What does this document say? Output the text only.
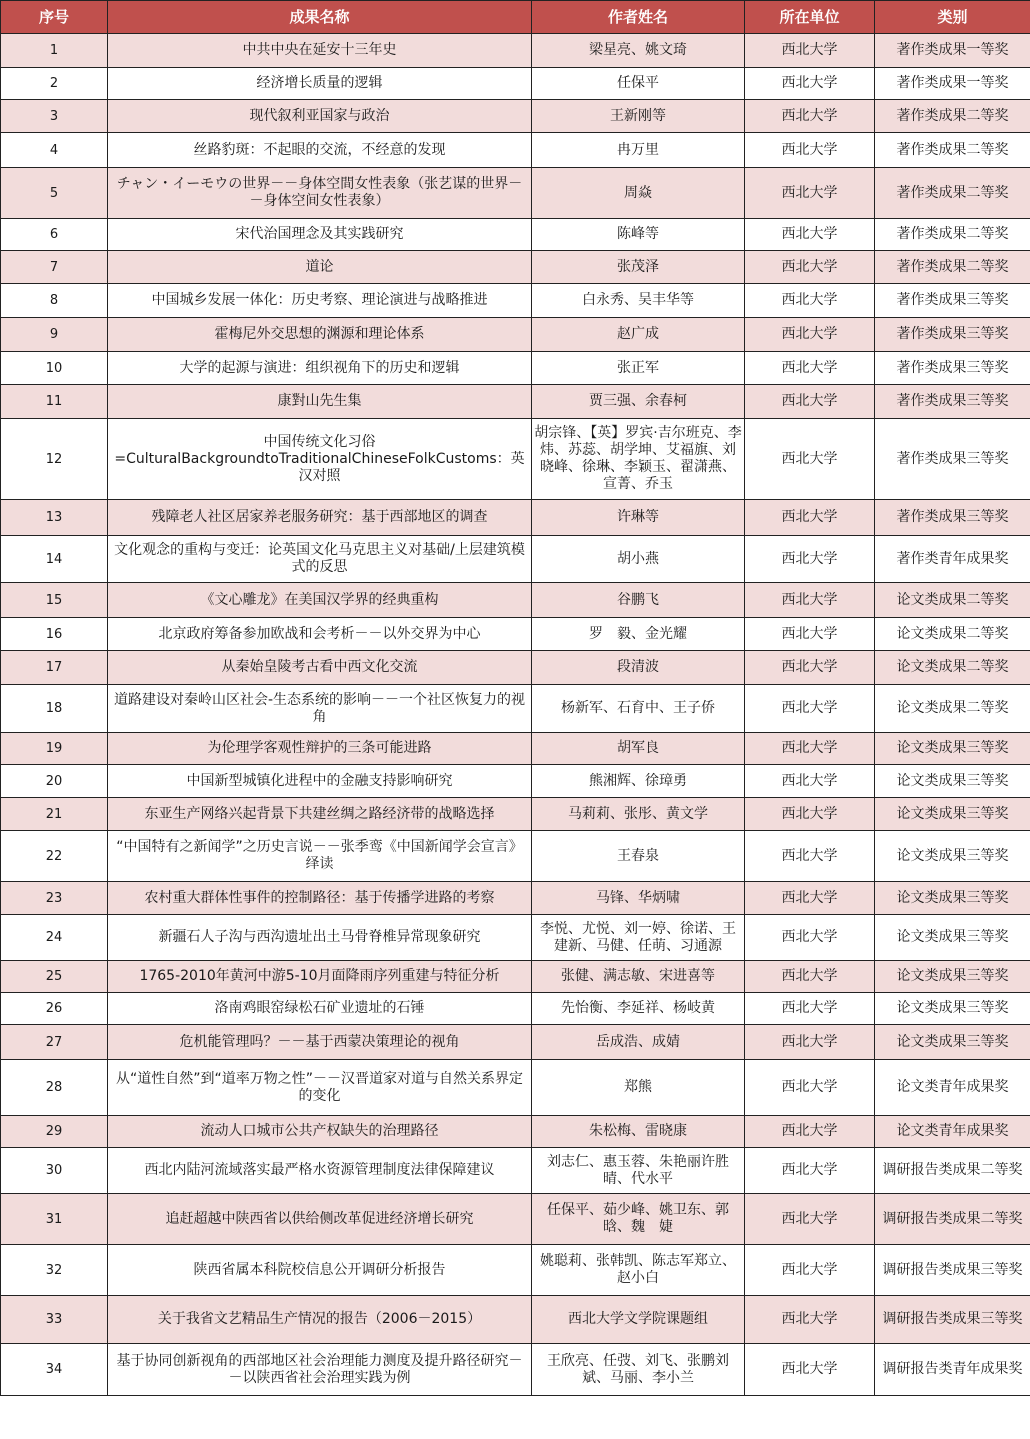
序号	成果名称	作者姓名	所在单位	类别
1	中共中央在延安十三年史	梁星亮、姚文琦	西北大学	著作类成果一等奖
2	经济增长质量的逻辑	任保平	西北大学	著作类成果一等奖
3	现代叙利亚国家与政治	王新刚等	西北大学	著作类成果二等奖
4	丝路豹斑：不起眼的交流，不经意的发现	冉万里	西北大学	著作类成果二等奖
5	チャン・イーモウの世界－－身体空間女性表象（张艺谋的世界－－身体空间女性表象）	周焱	西北大学	著作类成果二等奖
6	宋代治国理念及其实践研究	陈峰等	西北大学	著作类成果二等奖
7	道论	张茂泽	西北大学	著作类成果二等奖
8	中国城乡发展一体化：历史考察、理论演进与战略推进	白永秀、吴丰华等	西北大学	著作类成果三等奖
9	霍梅尼外交思想的渊源和理论体系	赵广成	西北大学	著作类成果三等奖
10	大学的起源与演进：组织视角下的历史和逻辑	张正军	西北大学	著作类成果三等奖
11	康對山先生集	贾三强、余春柯	西北大学	著作类成果三等奖
12	中国传统文化习俗=CulturalBackgroundtoTraditionalChineseFolkCustoms：英汉对照	胡宗锋、【英】罗宾·吉尔班克、李炜、苏蕊、胡学坤、艾福旗、刘晓峰、徐琳、李颖玉、翟潇燕、宣菁、乔玉	西北大学	著作类成果三等奖
13	残障老人社区居家养老服务研究：基于西部地区的调查	许琳等	西北大学	著作类成果三等奖
14	文化观念的重构与变迁：论英国文化马克思主义对基础/上层建筑模式的反思	胡小燕	西北大学	著作类青年成果奖
15	《文心雕龙》在美国汉学界的经典重构	谷鹏飞	西北大学	论文类成果二等奖
16	北京政府筹备参加欧战和会考析－－以外交界为中心	罗　毅、金光耀	西北大学	论文类成果二等奖
17	从秦始皇陵考古看中西文化交流	段清波	西北大学	论文类成果二等奖
18	道路建设对秦岭山区社会-生态系统的影响－－一个社区恢复力的视角	杨新军、石育中、王子侨	西北大学	论文类成果二等奖
19	为伦理学客观性辩护的三条可能进路	胡军良	西北大学	论文类成果三等奖
20	中国新型城镇化进程中的金融支持影响研究	熊湘辉、徐璋勇	西北大学	论文类成果三等奖
21	东亚生产网络兴起背景下共建丝绸之路经济带的战略选择	马莉莉、张彤、黄文学	西北大学	论文类成果三等奖
22	“中国特有之新闻学”之历史言说－－张季鸾《中国新闻学会宣言》绎读	王春泉	西北大学	论文类成果三等奖
23	农村重大群体性事件的控制路径：基于传播学进路的考察	马锋、华炳啸	西北大学	论文类成果三等奖
24	新疆石人子沟与西沟遗址出土马骨脊椎异常现象研究	李悦、尤悦、刘一婷、徐诺、王建新、马健、任萌、习通源	西北大学	论文类成果三等奖
25	1765-2010年黄河中游5-10月面降雨序列重建与特征分析	张健、满志敏、宋进喜等	西北大学	论文类成果三等奖
26	洛南鸡眼窑绿松石矿业遗址的石锤	先怡衡、李延祥、杨岐黄	西北大学	论文类成果三等奖
27	危机能管理吗？－－基于西蒙决策理论的视角	岳成浩、成婧	西北大学	论文类成果三等奖
28	从“道性自然”到“道率万物之性”－－汉晋道家对道与自然关系界定的变化	郑熊	西北大学	论文类青年成果奖
29	流动人口城市公共产权缺失的治理路径	朱松梅、雷晓康	西北大学	论文类青年成果奖
30	西北内陆河流域落实最严格水资源管理制度法律保障建议	刘志仁、惠玉蓉、朱艳丽许胜晴、代水平	西北大学	调研报告类成果二等奖
31	追赶超越中陕西省以供给侧改革促进经济增长研究	任保平、茹少峰、姚卫东、郭晗、魏　婕	西北大学	调研报告类成果二等奖
32	陕西省属本科院校信息公开调研分析报告	姚聪莉、张韩凯、陈志军郑立、赵小白	西北大学	调研报告类成果三等奖
33	关于我省文艺精品生产情况的报告（2006－2015）	西北大学文学院课题组	西北大学	调研报告类成果三等奖
34	基于协同创新视角的西部地区社会治理能力测度及提升路径研究－－以陕西省社会治理实践为例	王欣亮、任弢、刘飞、张鹏刘斌、马丽、李小兰	西北大学	调研报告类青年成果奖
